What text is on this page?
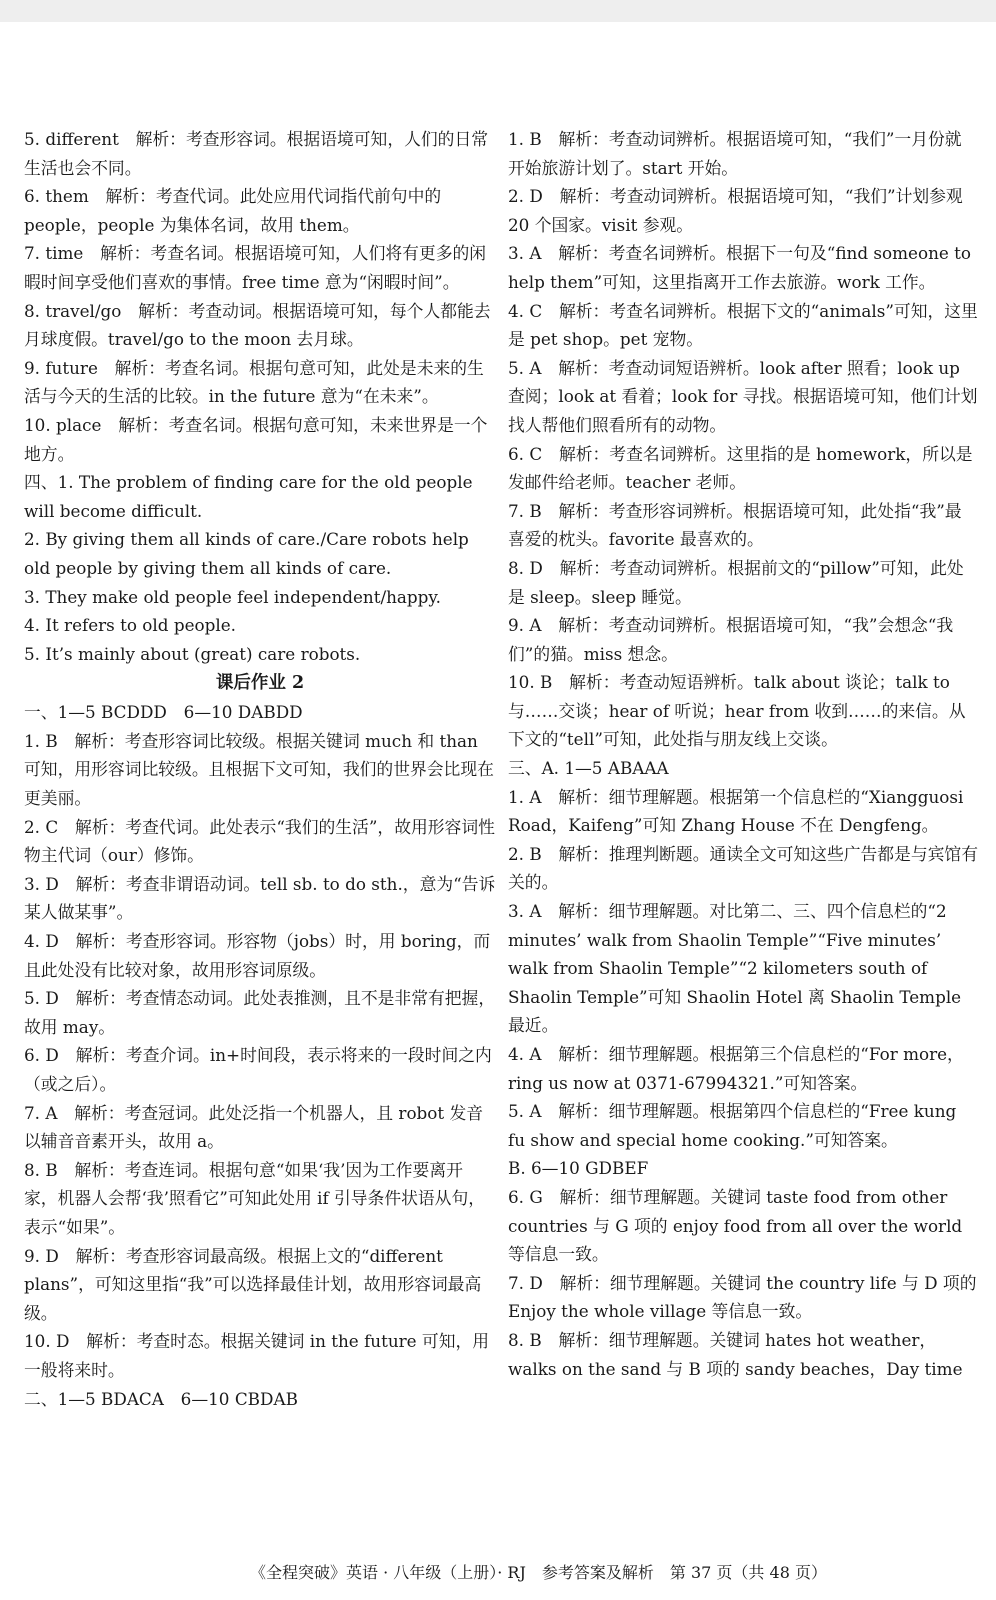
5. different　解析：考查形容词。根据语境可知，人们的日常生活也会不同。

6. them　解析：考查代词。此处应用代词指代前句中的 people，people 为集体名词，故用 them。

7. time　解析：考查名词。根据语境可知，人们将有更多的闲暇时间享受他们喜欢的事情。free time 意为“闲暇时间”。

8. travel/go　解析：考查动词。根据语境可知，每个人都能去月球度假。travel/go to the moon 去月球。

9. future　解析：考查名词。根据句意可知，此处是未来的生活与今天的生活的比较。in the future 意为“在未来”。

10. place　解析：考查名词。根据句意可知，未来世界是一个地方。

四、1. The problem of finding care for the old people will become difficult.

2. By giving them all kinds of care./Care robots help old people by giving them all kinds of care.

3. They make old people feel independent/happy.

4. It refers to old people.

5. It’s mainly about (great) care robots.

课后作业 2

一、1—5 BCDDD　6—10 DABDD

1. B　解析：考查形容词比较级。根据关键词 much 和 than 可知，用形容词比较级。且根据下文可知，我们的世界会比现在更美丽。

2. C　解析：考查代词。此处表示“我们的生活”，故用形容词性物主代词（our）修饰。

3. D　解析：考查非谓语动词。tell sb. to do sth.，意为“告诉某人做某事”。

4. D　解析：考查形容词。形容物（jobs）时，用 boring，而且此处没有比较对象，故用形容词原级。

5. D　解析：考查情态动词。此处表推测，且不是非常有把握，故用 may。

6. D　解析：考查介词。in+时间段，表示将来的一段时间之内（或之后）。

7. A　解析：考查冠词。此处泛指一个机器人，且 robot 发音以辅音音素开头，故用 a。

8. B　解析：考查连词。根据句意“如果‘我’因为工作要离开家，机器人会帮‘我’照看它”可知此处用 if 引导条件状语从句，表示“如果”。

9. D　解析：考查形容词最高级。根据上文的“different plans”，可知这里指“我”可以选择最佳计划，故用形容词最高级。

10. D　解析：考查时态。根据关键词 in the future 可知，用一般将来时。

二、1—5 BDACA　6—10 CBDAB

1. B　解析：考查动词辨析。根据语境可知，“我们”一月份就开始旅游计划了。start 开始。

2. D　解析：考查动词辨析。根据语境可知，“我们”计划参观 20 个国家。visit 参观。

3. A　解析：考查名词辨析。根据下一句及“find someone to help them”可知，这里指离开工作去旅游。work 工作。

4. C　解析：考查名词辨析。根据下文的“animals”可知，这里是 pet shop。pet 宠物。

5. A　解析：考查动词短语辨析。look after 照看；look up 查阅；look at 看着；look for 寻找。根据语境可知，他们计划找人帮他们照看所有的动物。

6. C　解析：考查名词辨析。这里指的是 homework，所以是发邮件给老师。teacher 老师。

7. B　解析：考查形容词辨析。根据语境可知，此处指“我”最喜爱的枕头。favorite 最喜欢的。

8. D　解析：考查动词辨析。根据前文的“pillow”可知，此处是 sleep。sleep 睡觉。

9. A　解析：考查动词辨析。根据语境可知，“我”会想念“我们”的猫。miss 想念。

10. B　解析：考查动短语辨析。talk about 谈论；talk to 与……交谈；hear of 听说；hear from 收到……的来信。从下文的“tell”可知，此处指与朋友线上交谈。

三、A. 1—5 ABAAA

1. A　解析：细节理解题。根据第一个信息栏的“Xiangguosi Road，Kaifeng”可知 Zhang House 不在 Dengfeng。

2. B　解析：推理判断题。通读全文可知这些广告都是与宾馆有关的。

3. A　解析：细节理解题。对比第二、三、四个信息栏的“2 minutes’ walk from Shaolin Temple”“Five minutes’ walk from Shaolin Temple”“2 kilometers south of Shaolin Temple”可知 Shaolin Hotel 离 Shaolin Temple 最近。

4. A　解析：细节理解题。根据第三个信息栏的“For more，ring us now at 0371-67994321.”可知答案。

5. A　解析：细节理解题。根据第四个信息栏的“Free kung fu show and special home cooking.”可知答案。

B. 6—10 GDBEF

6. G　解析：细节理解题。关键词 taste food from other countries 与 G 项的 enjoy food from all over the world 等信息一致。

7. D　解析：细节理解题。关键词 the country life 与 D 项的 Enjoy the whole village 等信息一致。

8. B　解析：细节理解题。关键词 hates hot weather，walks on the sand 与 B 项的 sandy beaches，Day time

《全程突破》英语 · 八年级（上册）· RJ　参考答案及解析　第 37 页（共 48 页）
